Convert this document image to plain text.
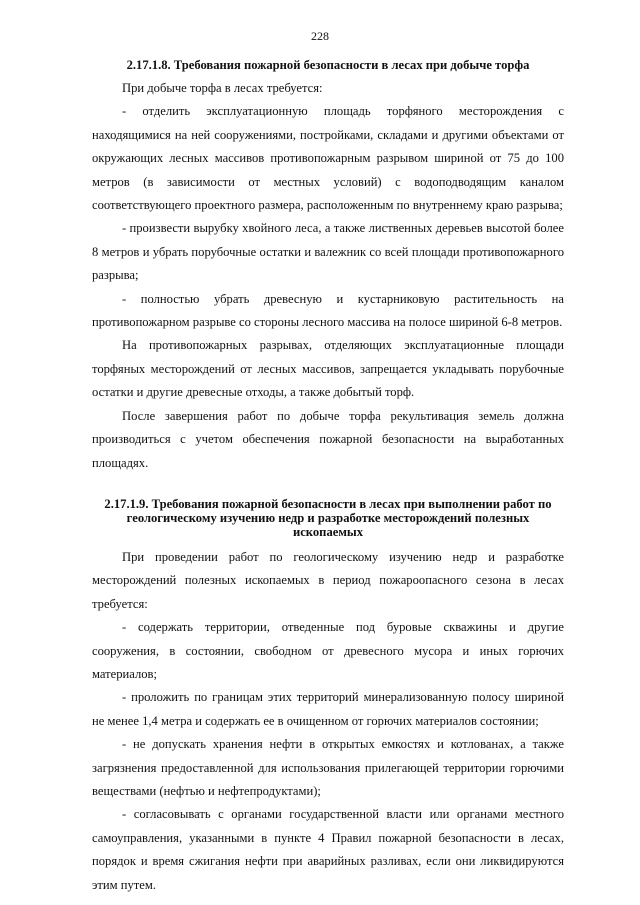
228
2.17.1.8. Требования пожарной безопасности в лесах при добыче торфа

При добыче торфа в лесах требуется:

- отделить эксплуатационную площадь торфяного месторождения с находящимися на ней сооружениями, постройками, складами и другими объектами от окружающих лесных массивов противопожарным разрывом шириной от 75 до 100 метров (в зависимости от местных условий) с водоподводящим каналом соответствующего проектного размера, расположенным по внутреннему краю разрыва;

- произвести вырубку хвойного леса, а также лиственных деревьев высотой более 8 метров и убрать порубочные остатки и валежник со всей площади противопожарного разрыва;

- полностью убрать древесную и кустарниковую растительность на противопожарном разрыве со стороны лесного массива на полосе шириной 6-8 метров.

На противопожарных разрывах, отделяющих эксплуатационные площади торфяных месторождений от лесных массивов, запрещается укладывать порубочные остатки и другие древесные отходы, а также добытый торф.

После завершения работ по добыче торфа рекультивация земель должна производиться с учетом обеспечения пожарной безопасности на выработанных площадях.

2.17.1.9. Требования пожарной безопасности в лесах при выполнении работ по геологическому изучению недр и разработке месторождений полезных ископаемых

При проведении работ по геологическому изучению недр и разработке месторождений полезных ископаемых в период пожароопасного сезона в лесах требуется:

- содержать территории, отведенные под буровые скважины и другие сооружения, в состоянии, свободном от древесного мусора и иных горючих материалов;

- проложить по границам этих территорий минерализованную полосу шириной не менее 1,4 метра и содержать ее в очищенном от горючих материалов состоянии;

- не допускать хранения нефти в открытых емкостях и котлованах, а также загрязнения предоставленной для использования прилегающей территории горючими веществами (нефтью и нефтепродуктами);

- согласовывать с органами государственной власти или органами местного самоуправления, указанными в пункте 4 Правил пожарной безопасности в лесах, порядок и время сжигания нефти при аварийных разливах, если они ликвидируются этим путем.
